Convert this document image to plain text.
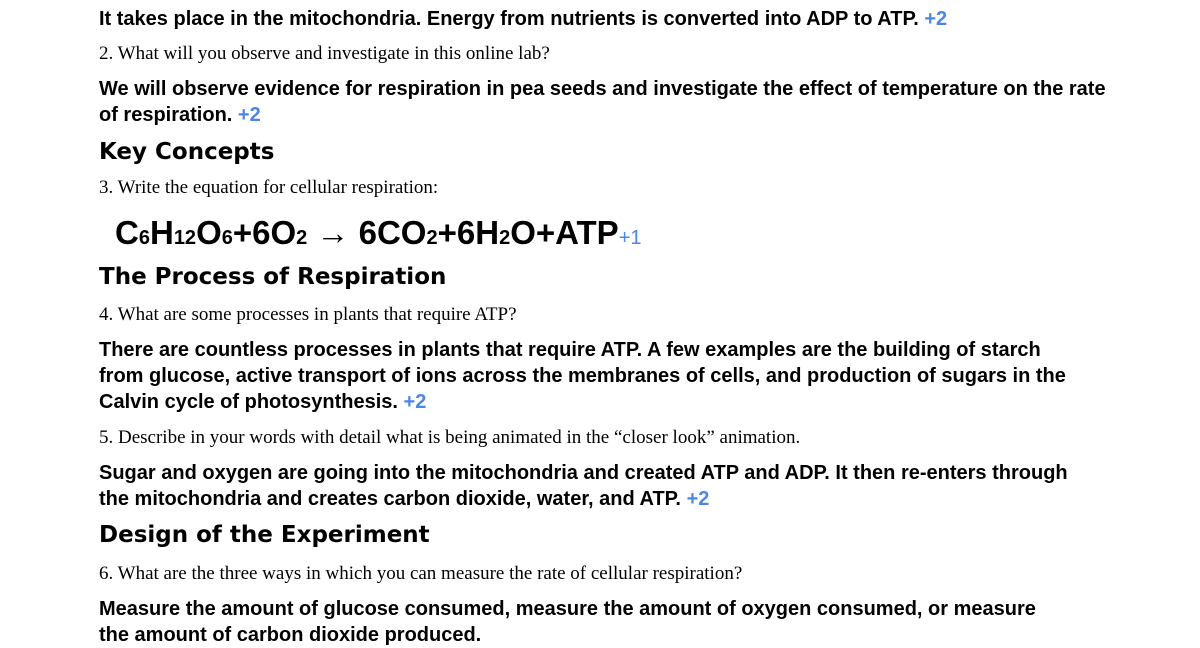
It takes place in the mitochondria. Energy from nutrients is converted into ADP to ATP. +2

2. What will you observe and investigate in this online lab?

We will observe evidence for respiration in pea seeds and investigate the effect of temperature on the rate of respiration. +2

Key Concepts

3. Write the equation for cellular respiration:

C6H12O6+6O2 → 6CO2+6H2O+ATP+1

The Process of Respiration

4. What are some processes in plants that require ATP?

There are countless processes in plants that require ATP. A few examples are the building of starch from glucose, active transport of ions across the membranes of cells, and production of sugars in the Calvin cycle of photosynthesis. +2

5. Describe in your words with detail what is being animated in the “closer look” animation.

Sugar and oxygen are going into the mitochondria and created ATP and ADP. It then re-enters through the mitochondria and creates carbon dioxide, water, and ATP. +2

Design of the Experiment

6. What are the three ways in which you can measure the rate of cellular respiration?

Measure the amount of glucose consumed, measure the amount of oxygen consumed, or measure the amount of carbon dioxide produced.
